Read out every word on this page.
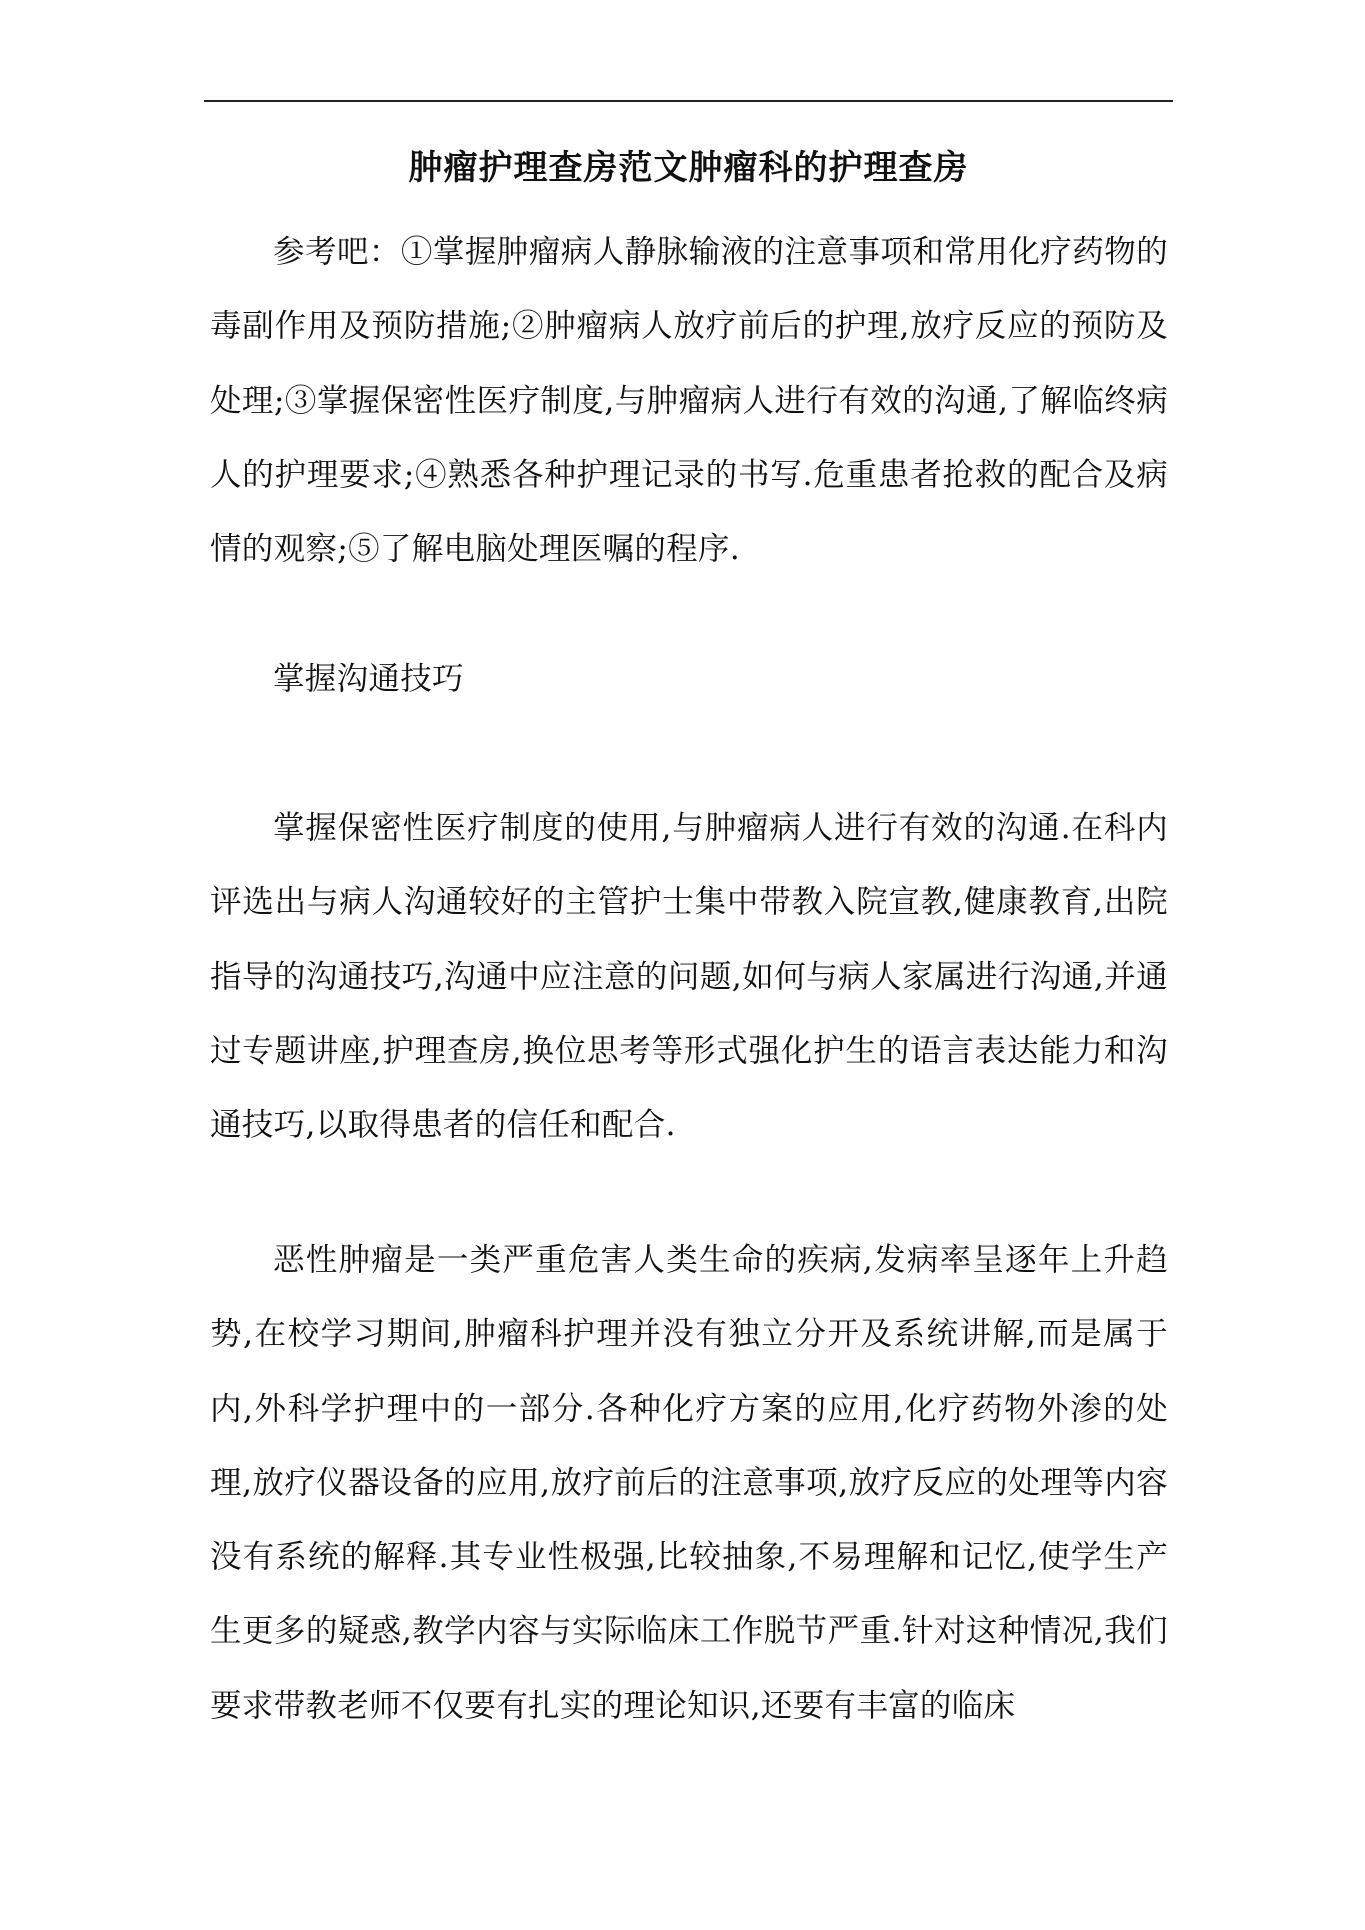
肿瘤护理查房范文肿瘤科的护理查房

参考吧：①掌握肿瘤病人静脉输液的注意事项和常用化疗药物的毒副作用及预防措施;②肿瘤病人放疗前后的护理,放疗反应的预防及处理;③掌握保密性医疗制度,与肿瘤病人进行有效的沟通,了解临终病人的护理要求;④熟悉各种护理记录的书写.危重患者抢救的配合及病情的观察;⑤了解电脑处理医嘱的程序.

掌握沟通技巧

掌握保密性医疗制度的使用,与肿瘤病人进行有效的沟通.在科内评选出与病人沟通较好的主管护士集中带教入院宣教,健康教育,出院指导的沟通技巧,沟通中应注意的问题,如何与病人家属进行沟通,并通过专题讲座,护理查房,换位思考等形式强化护生的语言表达能力和沟通技巧,以取得患者的信任和配合.

恶性肿瘤是一类严重危害人类生命的疾病,发病率呈逐年上升趋势,在校学习期间,肿瘤科护理并没有独立分开及系统讲解,而是属于内,外科学护理中的一部分.各种化疗方案的应用,化疗药物外渗的处理,放疗仪器设备的应用,放疗前后的注意事项,放疗反应的处理等内容没有系统的解释.其专业性极强,比较抽象,不易理解和记忆,使学生产生更多的疑惑,教学内容与实际临床工作脱节严重.针对这种情况,我们要求带教老师不仅要有扎实的理论知识,还要有丰富的临床
